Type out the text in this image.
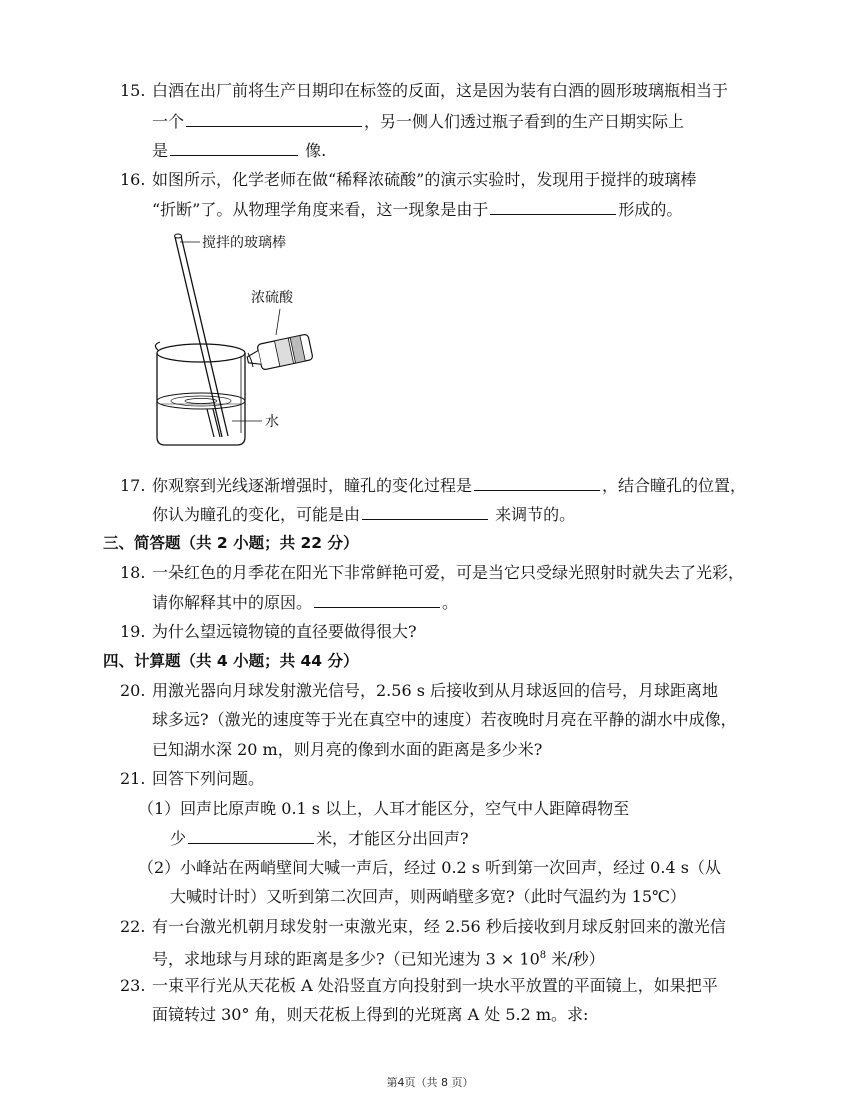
15. 白酒在出厂前将生产日期印在标签的反面，这是因为装有白酒的圆形玻璃瓶相当于
一个	，另一侧人们透过瓶子看到的生产日期实际上
是	像.
16. 如图所示，化学老师在做“稀释浓硫酸”的演示实验时，发现用于搅拌的玻璃棒
“折断”了。从物理学角度来看，这一现象是由于	形成的。
搅拌的玻璃棒
浓硫酸
水
17. 你观察到光线逐渐增强时，瞳孔的变化过程是	，结合瞳孔的位置，
你认为瞳孔的变化，可能是由	来调节的。
三、简答题（共 2 小题；共 22 分）
18. 一朵红色的月季花在阳光下非常鲜艳可爱，可是当它只受绿光照射时就失去了光彩，
请你解释其中的原因。	。
19. 为什么望远镜物镜的直径要做得很大?
四、计算题（共 4 小题；共 44 分）
20. 用激光器向月球发射激光信号，2.56 s 后接收到从月球返回的信号，月球距离地
球多远?（激光的速度等于光在真空中的速度）若夜晚时月亮在平静的湖水中成像，
已知湖水深 20 m，则月亮的像到水面的距离是多少米?
21. 回答下列问题。
（1）回声比原声晚 0.1 s 以上，人耳才能区分，空气中人距障碍物至
少	米，才能区分出回声?
（2）小峰站在两峭壁间大喊一声后，经过 0.2 s 听到第一次回声，经过 0.4 s（从
大喊时计时）又听到第二次回声，则两峭壁多宽?（此时气温约为 15℃）
22. 有一台激光机朝月球发射一束激光束，经 2.56 秒后接收到月球反射回来的激光信
号，求地球与月球的距离是多少?（已知光速为 $3 \times 10^8$ 米/秒）
23. 一束平行光从天花板 A 处沿竖直方向投射到一块水平放置的平面镜上，如果把平
面镜转过 30° 角，则天花板上得到的光斑离 A 处 5.2 m。求:
第4页（共 8 页）
